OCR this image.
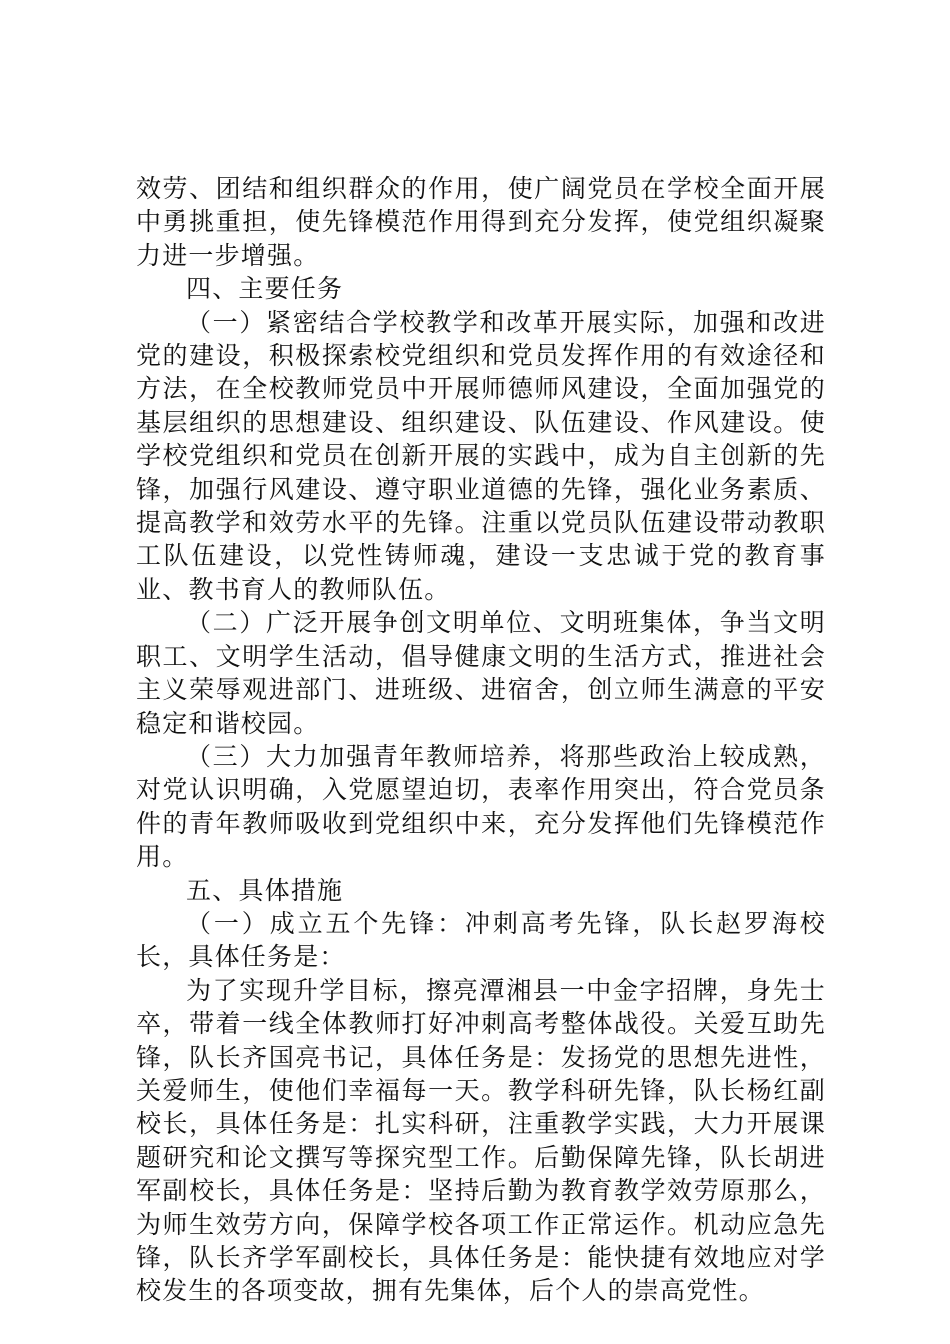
效劳、团结和组织群众的作用，使广阔党员在学校全面开展中勇挑重担，使先锋模范作用得到充分发挥，使党组织凝聚力进一步增强。

四、主要任务

（一）紧密结合学校教学和改革开展实际，加强和改进党的建设，积极探索校党组织和党员发挥作用的有效途径和方法，在全校教师党员中开展师德师风建设，全面加强党的基层组织的思想建设、组织建设、队伍建设、作风建设。使学校党组织和党员在创新开展的实践中，成为自主创新的先锋，加强行风建设、遵守职业道德的先锋，强化业务素质、提高教学和效劳水平的先锋。注重以党员队伍建设带动教职工队伍建设，以党性铸师魂，建设一支忠诚于党的教育事业、教书育人的教师队伍。

（二）广泛开展争创文明单位、文明班集体，争当文明职工、文明学生活动，倡导健康文明的生活方式，推进社会主义荣辱观进部门、进班级、进宿舍，创立师生满意的平安稳定和谐校园。

（三）大力加强青年教师培养，将那些政治上较成熟，对党认识明确，入党愿望迫切，表率作用突出，符合党员条件的青年教师吸收到党组织中来，充分发挥他们先锋模范作用。

五、具体措施

（一）成立五个先锋：冲刺高考先锋，队长赵罗海校长，具体任务是：

为了实现升学目标，擦亮潭湘县一中金字招牌，身先士卒，带着一线全体教师打好冲刺高考整体战役。关爱互助先锋，队长齐国亮书记，具体任务是：发扬党的思想先进性，关爱师生，使他们幸福每一天。教学科研先锋，队长杨红副校长，具体任务是：扎实科研，注重教学实践，大力开展课题研究和论文撰写等探究型工作。后勤保障先锋，队长胡进军副校长，具体任务是：坚持后勤为教育教学效劳原那么，为师生效劳方向，保障学校各项工作正常运作。机动应急先锋，队长齐学军副校长，具体任务是：能快捷有效地应对学校发生的各项变故，拥有先集体，后个人的崇高党性。
